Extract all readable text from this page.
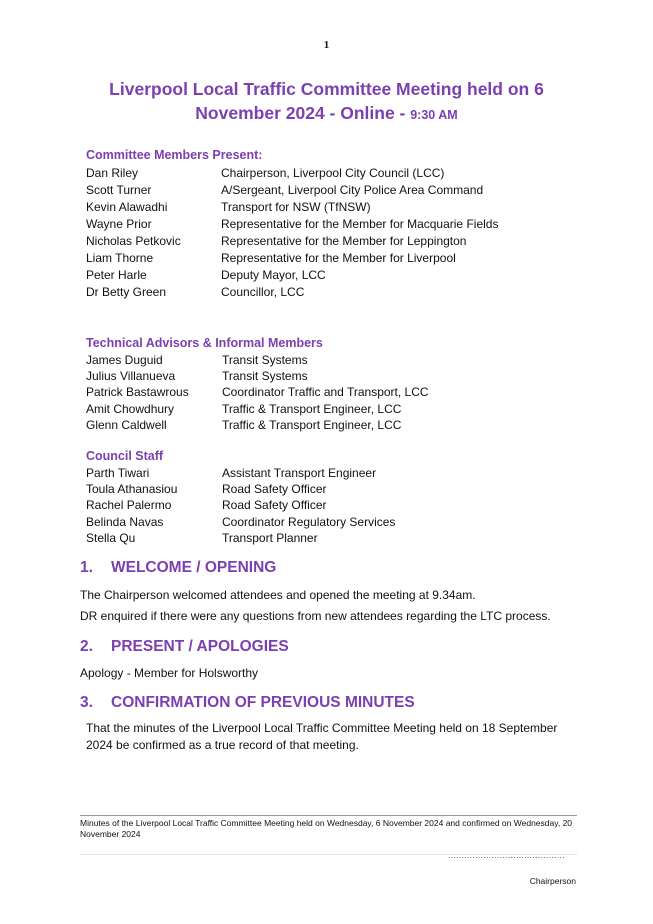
1
Liverpool Local Traffic Committee Meeting held on 6
November 2024 - Online - 9:30 AM
Committee Members Present:
Dan Riley	Chairperson, Liverpool City Council (LCC)
Scott Turner	A/Sergeant, Liverpool City Police Area Command
Kevin Alawadhi	Transport for NSW (TfNSW)
Wayne Prior	Representative for the Member for Macquarie Fields
Nicholas Petkovic	Representative for the Member for Leppington
Liam Thorne	Representative for the Member for Liverpool
Peter Harle	Deputy Mayor, LCC
Dr Betty Green	Councillor, LCC
Technical Advisors & Informal Members
James Duguid	Transit Systems
Julius Villanueva	Transit Systems
Patrick Bastawrous	Coordinator Traffic and Transport, LCC
Amit Chowdhury	Traffic & Transport Engineer, LCC
Glenn Caldwell	Traffic & Transport Engineer, LCC
Council Staff
Parth Tiwari	Assistant Transport Engineer
Toula Athanasiou	Road Safety Officer
Rachel Palermo	Road Safety Officer
Belinda Navas	Coordinator Regulatory Services
Stella Qu	Transport Planner
1. WELCOME / OPENING
The Chairperson welcomed attendees and opened the meeting at 9.34am.
DR enquired if there were any questions from new attendees regarding the LTC process.
2. PRESENT / APOLOGIES
Apology - Member for Holsworthy
3. CONFIRMATION OF PREVIOUS MINUTES
That the minutes of the Liverpool Local Traffic Committee Meeting held on 18 September 2024 be confirmed as a true record of that meeting.
Minutes of the Liverpool Local Traffic Committee Meeting held on Wednesday, 6 November 2024 and confirmed on Wednesday, 20 November 2024
...........................................
Chairperson
